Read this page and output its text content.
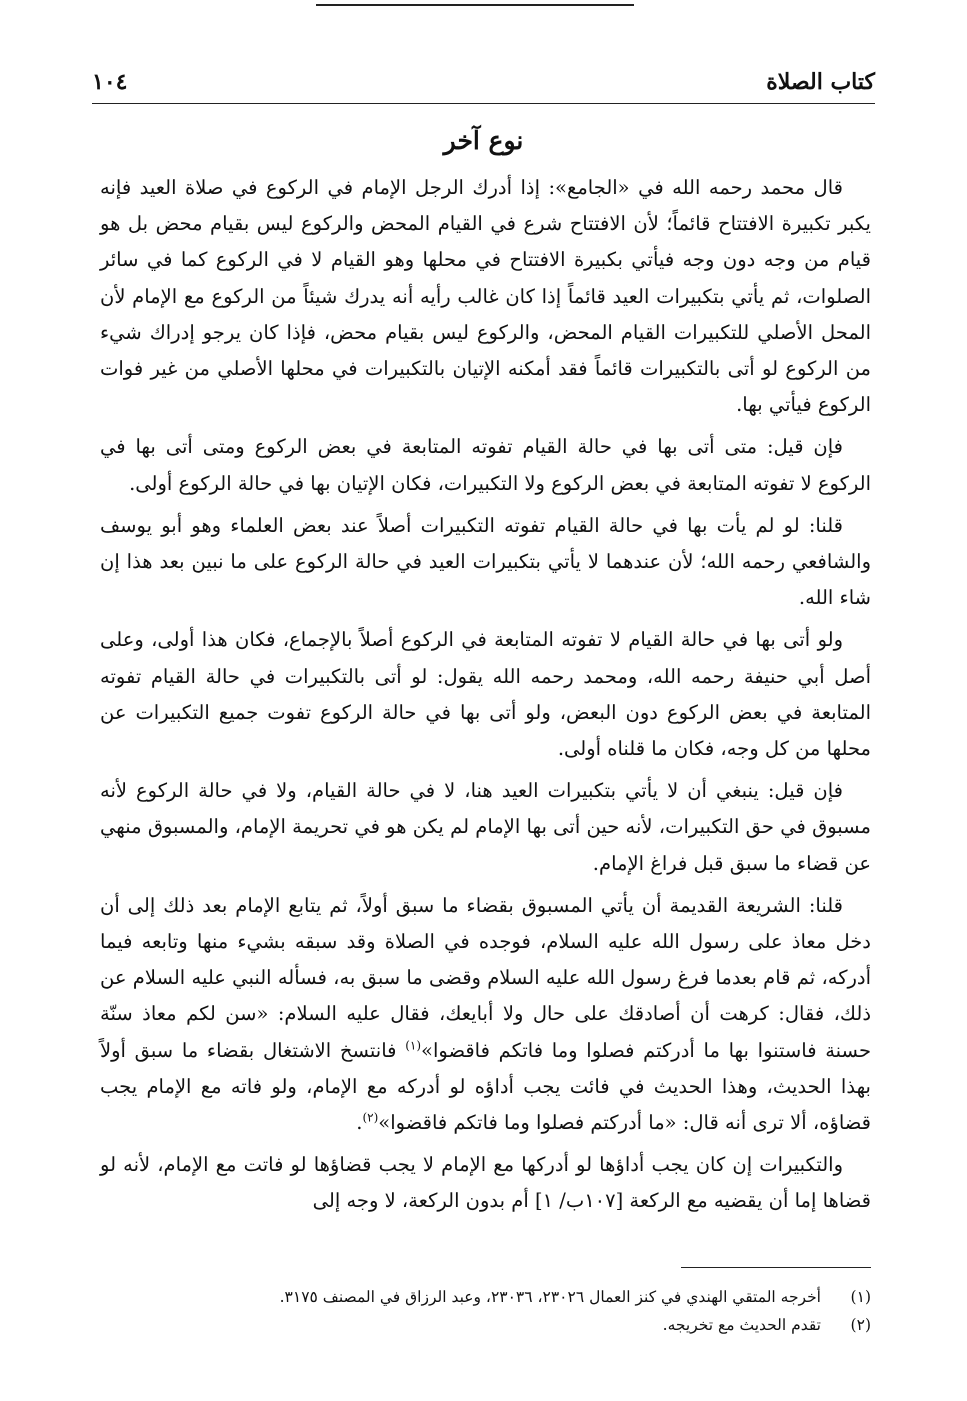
كتاب الصلاة
١٠٤
نوع آخر

قال محمد رحمه الله في «الجامع»: إذا أدرك الرجل الإمام في الركوع في صلاة العيد فإنه يكبر تكبيرة الافتتاح قائماً؛ لأن الافتتاح شرع في القيام المحض والركوع ليس بقيام محض بل هو قيام من وجه دون وجه فيأتي بكبيرة الافتتاح في محلها وهو القيام لا في الركوع كما في سائر الصلوات، ثم يأتي بتكبيرات العيد قائماً إذا كان غالب رأيه أنه يدرك شيئاً من الركوع مع الإمام لأن المحل الأصلي للتكبيرات القيام المحض، والركوع ليس بقيام محض، فإذا كان يرجو إدراك شيء من الركوع لو أتى بالتكبيرات قائماً فقد أمكنه الإتيان بالتكبيرات في محلها الأصلي من غير فوات الركوع فيأتي بها.

فإن قيل: متى أتى بها في حالة القيام تفوته المتابعة في بعض الركوع ومتى أتى بها في الركوع لا تفوته المتابعة في بعض الركوع ولا التكبيرات، فكان الإتيان بها في حالة الركوع أولى.

قلنا: لو لم يأت بها في حالة القيام تفوته التكبيرات أصلاً عند بعض العلماء وهو أبو يوسف والشافعي رحمه الله؛ لأن عندهما لا يأتي بتكبيرات العيد في حالة الركوع على ما نبين بعد هذا إن شاء الله.

ولو أتى بها في حالة القيام لا تفوته المتابعة في الركوع أصلاً بالإجماع، فكان هذا أولى، وعلى أصل أبي حنيفة رحمه الله، ومحمد رحمه الله يقول: لو أتى بالتكبيرات في حالة القيام تفوته المتابعة في بعض الركوع دون البعض، ولو أتى بها في حالة الركوع تفوت جميع التكبيرات عن محلها من كل وجه، فكان ما قلناه أولى.

فإن قيل: ينبغي أن لا يأتي بتكبيرات العيد هنا، لا في حالة القيام، ولا في حالة الركوع لأنه مسبوق في حق التكبيرات، لأنه حين أتى بها الإمام لم يكن هو في تحريمة الإمام، والمسبوق منهي عن قضاء ما سبق قبل فراغ الإمام.

قلنا: الشريعة القديمة أن يأتي المسبوق بقضاء ما سبق أولاً، ثم يتابع الإمام بعد ذلك إلى أن دخل معاذ على رسول الله عليه السلام، فوجده في الصلاة وقد سبقه بشيء منها وتابعه فيما أدركه، ثم قام بعدما فرغ رسول الله عليه السلام وقضى ما سبق به، فسأله النبي عليه السلام عن ذلك، فقال: كرهت أن أصادقك على حال ولا أبايعك، فقال عليه السلام: «سن لكم معاذ سنّة حسنة فاستنوا بها ما أدركتم فصلوا وما فاتكم فاقضوا»$^{(١)}$ فانتسخ الاشتغال بقضاء ما سبق أولاً بهذا الحديث، وهذا الحديث في فائت يجب أداؤه لو أدركه مع الإمام، ولو فاته مع الإمام يجب قضاؤه، ألا ترى أنه قال: «ما أدركتم فصلوا وما فاتكم فاقضوا»$^{(٢)}$.

والتكبيرات إن كان يجب أداؤها لو أدركها مع الإمام لا يجب قضاؤها لو فاتت مع الإمام، لأنه لو قضاها إما أن يقضيه مع الركعة [١٠٧ب/ ١] أم بدون الركعة، لا وجه إلى

(١)
أخرجه المتقي الهندي في كنز العمال ٢٣٠٢٦، ٢٣٠٣٦، وعبد الرزاق في المصنف ٣١٧٥.
(٢)
تقدم الحديث مع تخريجه.
